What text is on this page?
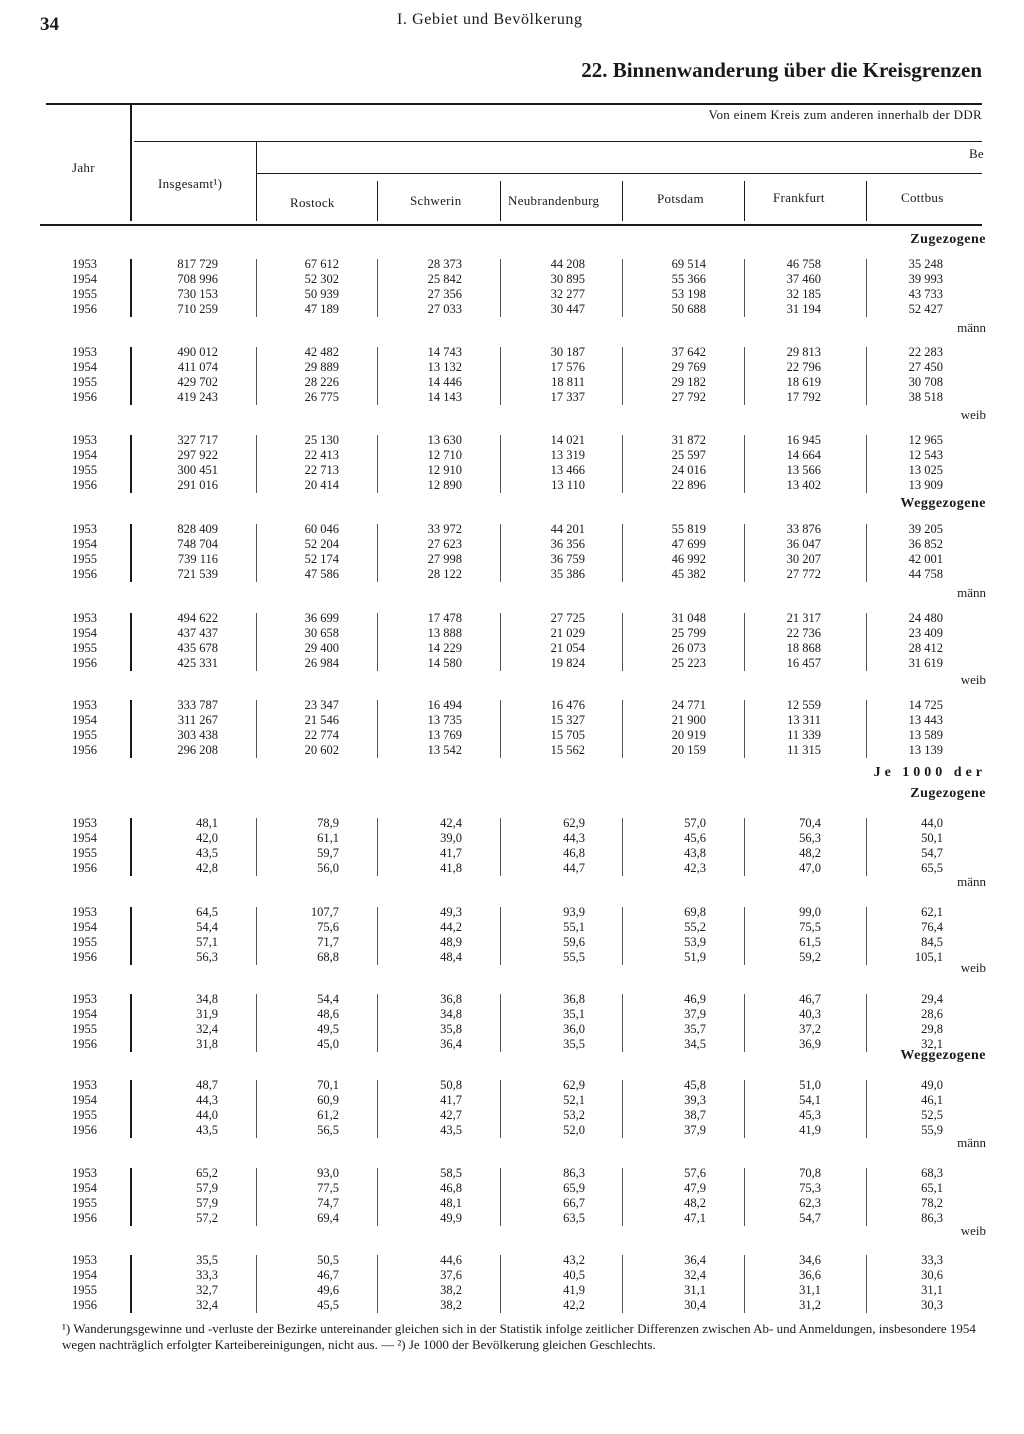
34	I. Gebiet und Bevölkerung
22. Binnenwanderung über die Kreisgrenzen
Jahr
Insgesamt¹)
Von einem Kreis zum anderen innerhalb der DDR
Be
Rostock	Schwerin	Neubrandenburg	Potsdam	Frankfurt	Cottbus
Zugezogene
männ
weib
Weggezogene
männ
weib
Je 1000 der
Zugezogene
männ
weib
Weggezogene
männ
weib
1953	817 729	67 612	28 373	44 208	69 514	46 758	35 248
1954	708 996	52 302	25 842	30 895	55 366	37 460	39 993
1955	730 153	50 939	27 356	32 277	53 198	32 185	43 733
1956	710 259	47 189	27 033	30 447	50 688	31 194	52 427
1953	490 012	42 482	14 743	30 187	37 642	29 813	22 283
1954	411 074	29 889	13 132	17 576	29 769	22 796	27 450
1955	429 702	28 226	14 446	18 811	29 182	18 619	30 708
1956	419 243	26 775	14 143	17 337	27 792	17 792	38 518
1953	327 717	25 130	13 630	14 021	31 872	16 945	12 965
1954	297 922	22 413	12 710	13 319	25 597	14 664	12 543
1955	300 451	22 713	12 910	13 466	24 016	13 566	13 025
1956	291 016	20 414	12 890	13 110	22 896	13 402	13 909
1953	828 409	60 046	33 972	44 201	55 819	33 876	39 205
1954	748 704	52 204	27 623	36 356	47 699	36 047	36 852
1955	739 116	52 174	27 998	36 759	46 992	30 207	42 001
1956	721 539	47 586	28 122	35 386	45 382	27 772	44 758
1953	494 622	36 699	17 478	27 725	31 048	21 317	24 480
1954	437 437	30 658	13 888	21 029	25 799	22 736	23 409
1955	435 678	29 400	14 229	21 054	26 073	18 868	28 412
1956	425 331	26 984	14 580	19 824	25 223	16 457	31 619
1953	333 787	23 347	16 494	16 476	24 771	12 559	14 725
1954	311 267	21 546	13 735	15 327	21 900	13 311	13 443
1955	303 438	22 774	13 769	15 705	20 919	11 339	13 589
1956	296 208	20 602	13 542	15 562	20 159	11 315	13 139
1953	48,1	78,9	42,4	62,9	57,0	70,4	44,0
1954	42,0	61,1	39,0	44,3	45,6	56,3	50,1
1955	43,5	59,7	41,7	46,8	43,8	48,2	54,7
1956	42,8	56,0	41,8	44,7	42,3	47,0	65,5
1953	64,5	107,7	49,3	93,9	69,8	99,0	62,1
1954	54,4	75,6	44,2	55,1	55,2	75,5	76,4
1955	57,1	71,7	48,9	59,6	53,9	61,5	84,5
1956	56,3	68,8	48,4	55,5	51,9	59,2	105,1
1953	34,8	54,4	36,8	36,8	46,9	46,7	29,4
1954	31,9	48,6	34,8	35,1	37,9	40,3	28,6
1955	32,4	49,5	35,8	36,0	35,7	37,2	29,8
1956	31,8	45,0	36,4	35,5	34,5	36,9	32,1
1953	48,7	70,1	50,8	62,9	45,8	51,0	49,0
1954	44,3	60,9	41,7	52,1	39,3	54,1	46,1
1955	44,0	61,2	42,7	53,2	38,7	45,3	52,5
1956	43,5	56,5	43,5	52,0	37,9	41,9	55,9
1953	65,2	93,0	58,5	86,3	57,6	70,8	68,3
1954	57,9	77,5	46,8	65,9	47,9	75,3	65,1
1955	57,9	74,7	48,1	66,7	48,2	62,3	78,2
1956	57,2	69,4	49,9	63,5	47,1	54,7	86,3
1953	35,5	50,5	44,6	43,2	36,4	34,6	33,3
1954	33,3	46,7	37,6	40,5	32,4	36,6	30,6
1955	32,7	49,6	38,2	41,9	31,1	31,1	31,1
1956	32,4	45,5	38,2	42,2	30,4	31,2	30,3
¹) Wanderungsgewinne und -verluste der Bezirke untereinander gleichen sich in der Statistik infolge zeitlicher Differenzen zwischen Ab- und Anmeldungen, insbesondere 1954 wegen nachträglich erfolgter Karteibereinigungen, nicht aus. — ²) Je 1000 der Bevölkerung gleichen Geschlechts.
